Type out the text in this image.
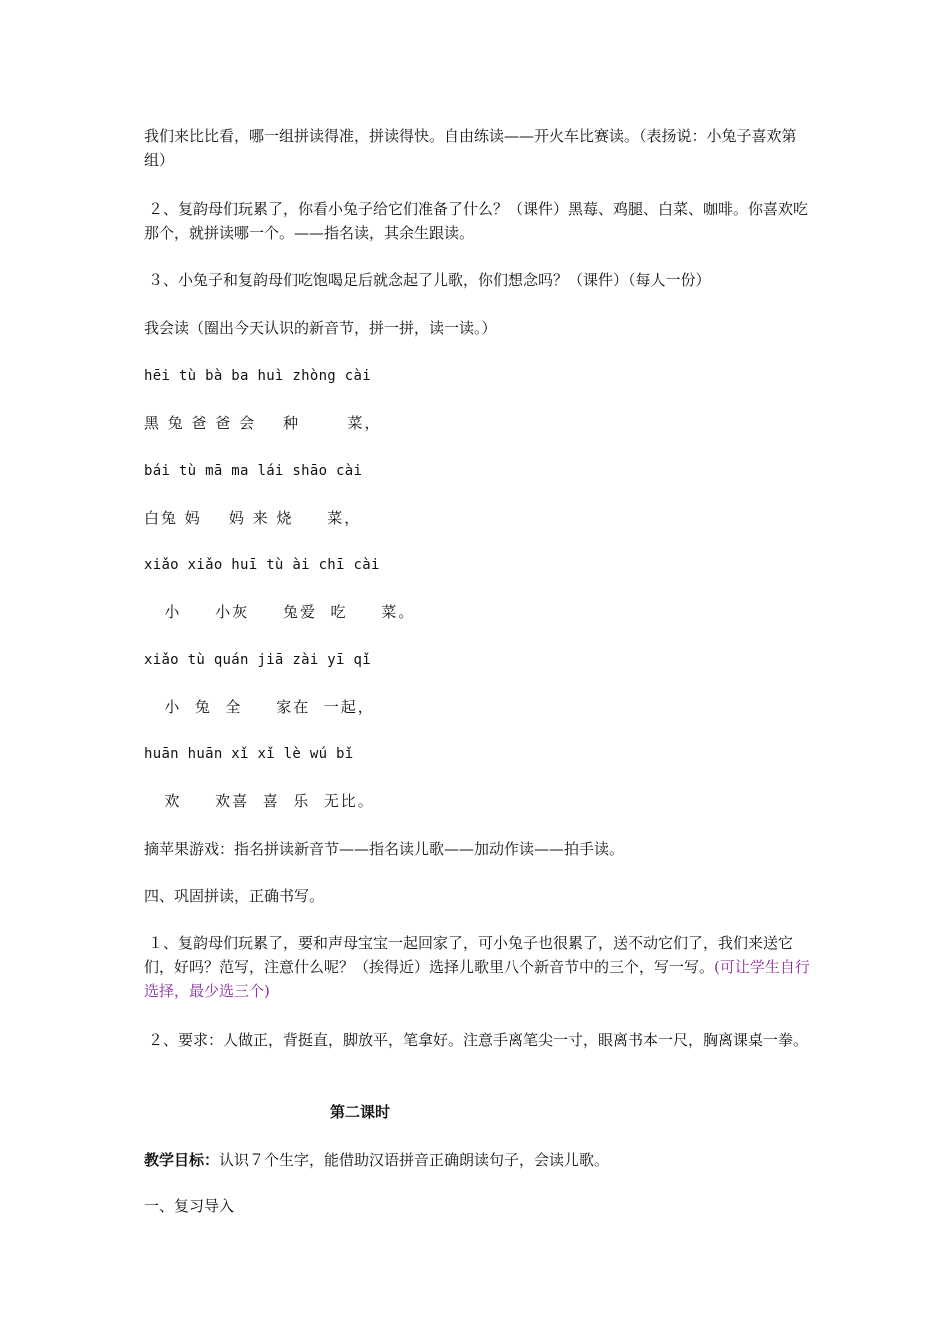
我们来比比看，哪一组拼读得准，拼读得快。自由练读——开火车比赛读。（表扬说：小兔子喜欢第   组）

２、复韵母们玩累了，你看小兔子给它们准备了什么？（课件）黑莓、鸡腿、白菜、咖啡。你喜欢吃那个，就拼读哪一个。——指名读，其余生跟读。

３、小兔子和复韵母们吃饱喝足后就念起了儿歌，你们想念吗？（课件）（每人一份）

我会读（圈出今天认识的新音节，拼一拼，读一读。）

hēi tù bà ba huì zhòng cài

黑 兔 爸 爸 会    种       菜，

bái tù mā ma lái shāo cài

白兔 妈    妈 来 烧     菜，

xiǎo xiǎo huī tù ài chī cài

小     小灰     兔爱  吃     菜。

xiǎo tù quán jiā zài yī qǐ

小  兔  全     家在  一起，

huān huān xǐ xǐ lè wú bǐ

欢     欢喜  喜  乐  无比。

摘苹果游戏：指名拼读新音节——指名读儿歌——加动作读——拍手读。

四、巩固拼读，正确书写。

１、复韵母们玩累了，要和声母宝宝一起回家了，可小兔子也很累了，送不动它们了，我们来送它们，好吗？范写，注意什么呢？（挨得近）选择儿歌里八个新音节中的三个，写一写。(可让学生自行选择，最少选三个)

２、要求：人做正，背挺直，脚放平，笔拿好。注意手离笔尖一寸，眼离书本一尺，胸离课桌一拳。

第二课时

教学目标：认识７个生字，能借助汉语拼音正确朗读句子，会读儿歌。

一、复习导入
